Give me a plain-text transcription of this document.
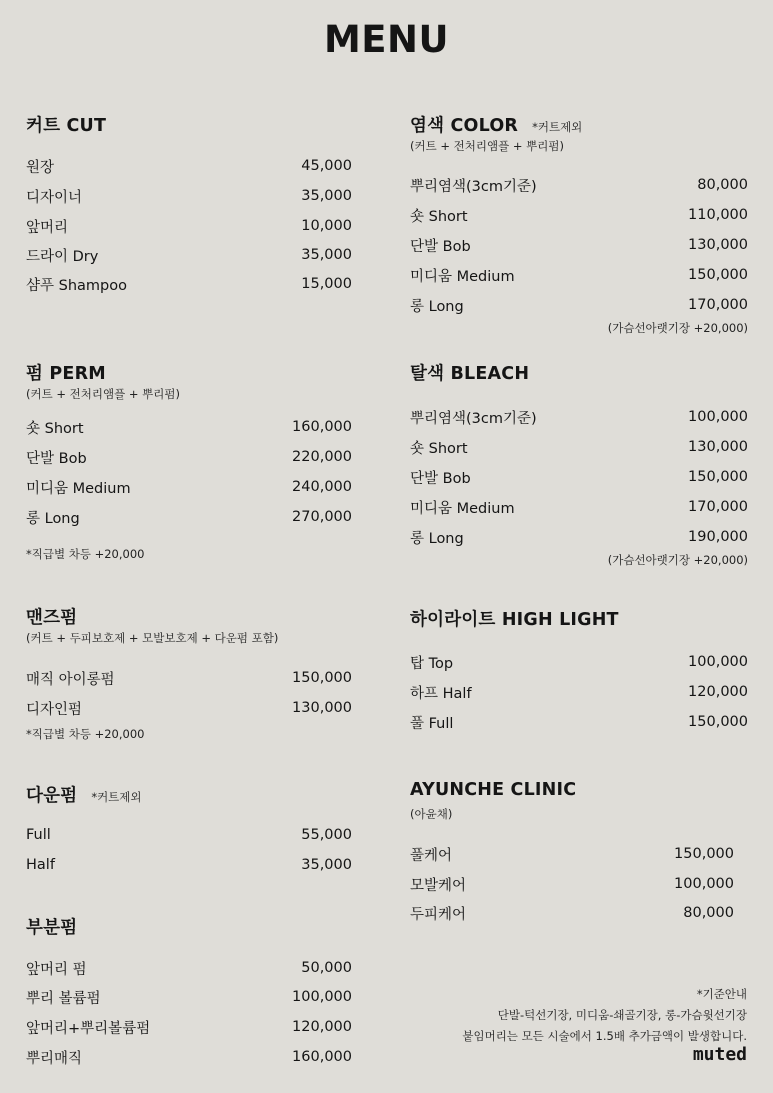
MENU
커트 CUT
원장	45,000
디자이너	35,000
앞머리	10,000
드라이 Dry	35,000
샴푸 Shampoo	15,000
펌 PERM
(커트 + 전처리앰플 + 뿌리펌)
숏 Short	160,000
단발 Bob	220,000
미디움 Medium	240,000
롱 Long	270,000
*직급별 차등 +20,000
맨즈펌
(커트 + 두피보호제 + 모발보호제 + 다운펌 포함)
매직 아이롱펌	150,000
디자인펌	130,000
*직급별 차등 +20,000
다운펌 *커트제외
Full	55,000
Half	35,000
부분펌
앞머리 펌	50,000
뿌리 볼륨펌	100,000
앞머리+뿌리볼륨펌	120,000
뿌리매직	160,000
염색 COLOR *커트제외
(커트 + 전처리앰플 + 뿌리펌)
뿌리염색(3cm기준)	80,000
숏 Short	110,000
단발 Bob	130,000
미디움 Medium	150,000
롱 Long	170,000
(가슴선아랫기장 +20,000)
탈색 BLEACH
뿌리염색(3cm기준)	100,000
숏 Short	130,000
단발 Bob	150,000
미디움 Medium	170,000
롱 Long	190,000
(가슴선아랫기장 +20,000)
하이라이트 HIGH LIGHT
탑 Top	100,000
하프 Half	120,000
풀 Full	150,000
AYUNCHE CLINIC
(아윤채)
풀케어	150,000
모발케어	100,000
두피케어	80,000
*기준안내
단발-턱선기장, 미디움-쇄골기장, 롱-가슴윗선기장
붙임머리는 모든 시술에서 1.5배 추가금액이 발생합니다.
muted
